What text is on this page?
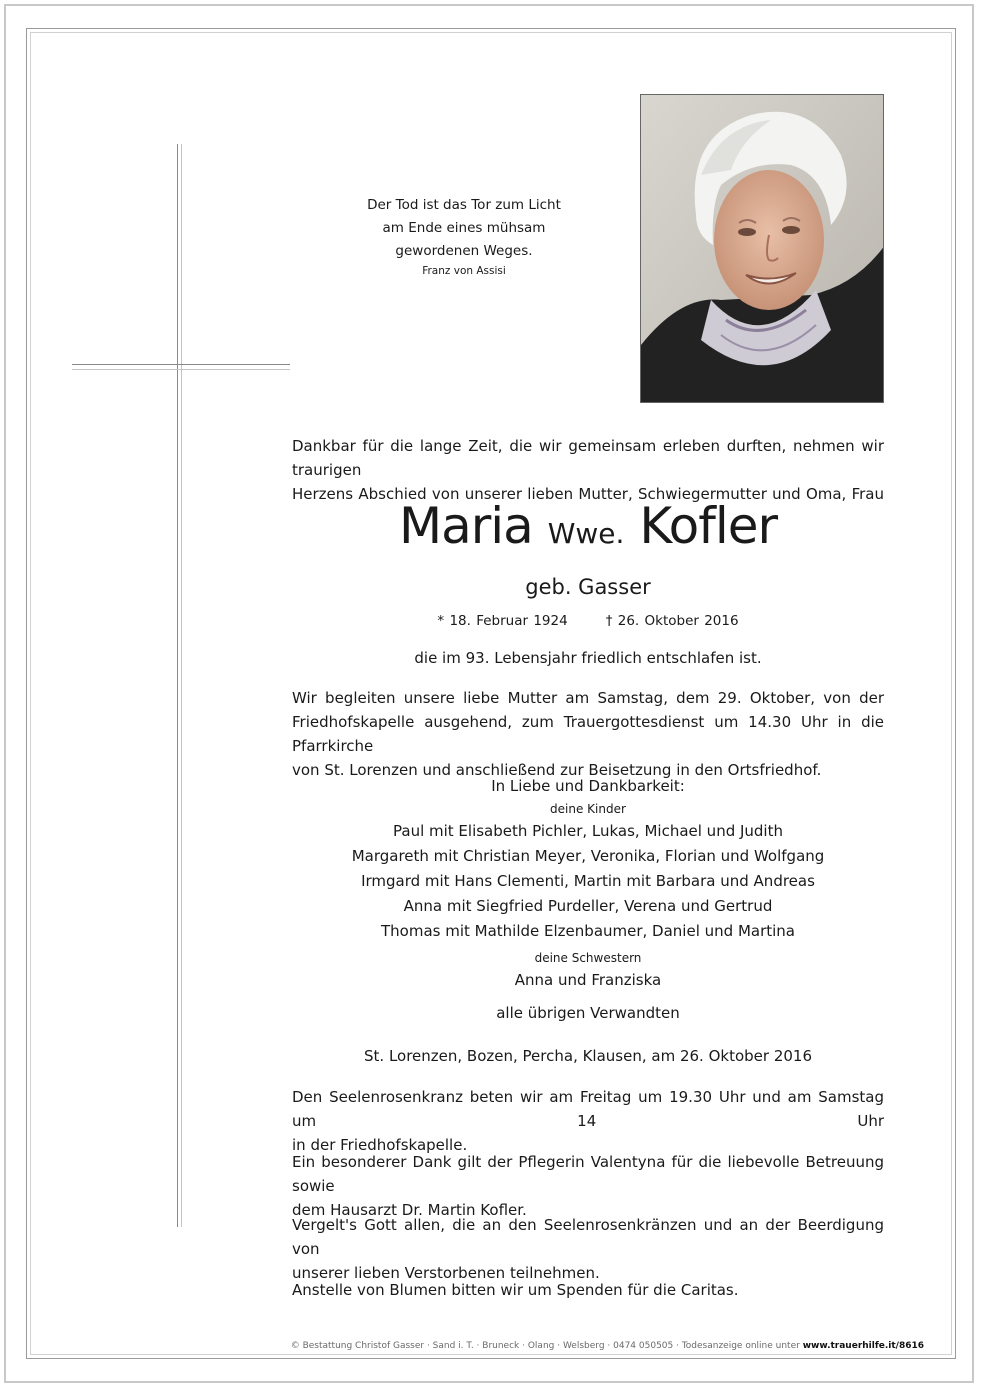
Der Tod ist das Tor zum Licht
am Ende eines mühsam
gewordenen Weges.
Franz von Assisi
Dankbar für die lange Zeit, die wir gemeinsam erleben durften, nehmen wir traurigen
Herzens Abschied von unserer lieben Mutter, Schwiegermutter und Oma, Frau
Maria Wwe. Kofler
geb. Gasser
* 18. Februar 1924	† 26. Oktober 2016
die im 93. Lebensjahr friedlich entschlafen ist.
Wir begleiten unsere liebe Mutter am Samstag, dem 29. Oktober, von der
Friedhofskapelle ausgehend, zum Trauergottesdienst um 14.30 Uhr in die Pfarrkirche
von St. Lorenzen und anschließend zur Beisetzung in den Ortsfriedhof.
In Liebe und Dankbarkeit:
deine Kinder
Paul mit Elisabeth Pichler, Lukas, Michael und Judith
Margareth mit Christian Meyer, Veronika, Florian und Wolfgang
Irmgard mit Hans Clementi, Martin mit Barbara und Andreas
Anna mit Siegfried Purdeller, Verena und Gertrud
Thomas mit Mathilde Elzenbaumer, Daniel und Martina
deine Schwestern
Anna und Franziska
alle übrigen Verwandten
St. Lorenzen, Bozen, Percha, Klausen, am 26. Oktober 2016
Den Seelenrosenkranz beten wir am Freitag um 19.30 Uhr und am Samstag um 14 Uhr
in der Friedhofskapelle.
Ein besonderer Dank gilt der Pflegerin Valentyna für die liebevolle Betreuung sowie
dem Hausarzt Dr. Martin Kofler.
Vergelt's Gott allen, die an den Seelenrosenkränzen und an der Beerdigung von
unserer lieben Verstorbenen teilnehmen.
Anstelle von Blumen bitten wir um Spenden für die Caritas.
© Bestattung Christof Gasser · Sand i. T. · Bruneck · Olang · Welsberg · 0474 050505 · Todesanzeige online unter www.trauerhilfe.it/8616
